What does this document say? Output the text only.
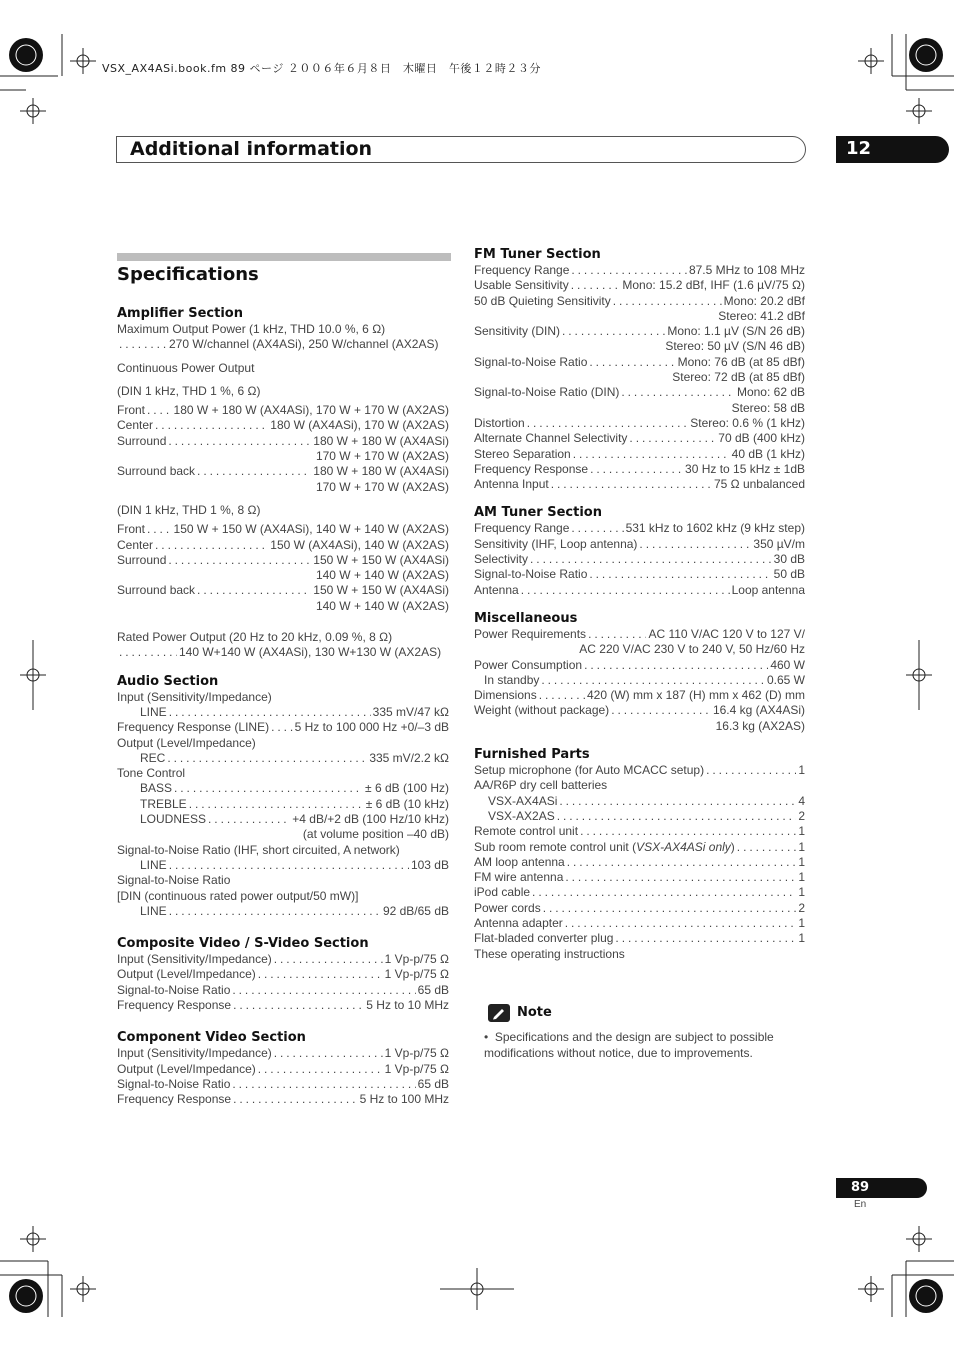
VSX_AX4ASi.book.fm 89 ページ ２００６年６月８日　木曜日　午後１２時２３分
Additional information	12
Specifications
Amplifier Section
Maximum Output Power (1 kHz, THD 10.0 %, 6 Ω)
. . .
270 W/channel (AX4ASi), 250 W/channel (AX2AS)
Continuous Power Output
(DIN 1 kHz, THD 1 %, 6 Ω)
Front . . . 180 W + 180 W (AX4ASi), 170 W + 170 W (AX2AS)
Center . . .	180 W (AX4ASi), 170 W (AX2AS)
Surround . . .	180 W + 180 W (AX4ASi)
170 W + 170 W (AX2AS)
Surround back . . .	180 W + 180 W (AX4ASi)
170 W + 170 W (AX2AS)
(DIN 1 kHz, THD 1 %, 8 Ω)
Front . . . 150 W + 150 W (AX4ASi), 140 W + 140 W (AX2AS)
Center . . .	150 W (AX4ASi), 140 W (AX2AS)
Surround . . .	150 W + 150 W (AX4ASi)
140 W + 140 W (AX2AS)
Surround back . . .	150 W + 150 W (AX4ASi)
140 W + 140 W (AX2AS)
Rated Power Output (20 Hz to 20 kHz, 0.09 %, 8 Ω)
. . .
140 W+140 W (AX4ASi), 130 W+130 W (AX2AS)
Audio Section
Input (Sensitivity/Impedance)
LINE . . .	335 mV/47 kΩ
Frequency Response (LINE) . . . 5 Hz to 100 000 Hz +0/–3 dB
Output (Level/Impedance)
REC . . .	335 mV/2.2 kΩ
Tone Control
BASS . . .	± 6 dB (100 Hz)
TREBLE . . .	± 6 dB (10 kHz)
LOUDNESS . . .	+4 dB/+2 dB (100 Hz/10 kHz)
(at volume position –40 dB)
Signal-to-Noise Ratio (IHF, short circuited, A network)
LINE . . .	103 dB
Signal-to-Noise Ratio
[DIN (continuous rated power output/50 mW)]
LINE . . .	92 dB/65 dB
Composite Video / S-Video Section
Input (Sensitivity/Impedance) . . .	1 Vp-p/75 Ω
Output (Level/Impedance) . . .	1 Vp-p/75 Ω
Signal-to-Noise Ratio . . .	65 dB
Frequency Response . . .	5 Hz to 10 MHz
Component Video Section
Input (Sensitivity/Impedance) . . .	1 Vp-p/75 Ω
Output (Level/Impedance) . . .	1 Vp-p/75 Ω
Signal-to-Noise Ratio . . .	65 dB
Frequency Response . . .	5 Hz to 100 MHz
FM Tuner Section
Frequency Range . . .	87.5 MHz to 108 MHz
Usable Sensitivity . . .	Mono: 15.2 dBf, IHF (1.6 µV/75 Ω)
50 dB Quieting Sensitivity . . .	Mono: 20.2 dBf
Stereo: 41.2 dBf
Sensitivity (DIN) . . .	Mono: 1.1 µV (S/N 26 dB)
Stereo: 50 µV (S/N 46 dB)
Signal-to-Noise Ratio . . .	Mono: 76 dB (at 85 dBf)
Stereo: 72 dB (at 85 dBf)
Signal-to-Noise Ratio (DIN) . . .	Mono: 62 dB
Stereo: 58 dB
Distortion . . .	Stereo: 0.6 % (1 kHz)
Alternate Channel Selectivity . . .	70 dB (400 kHz)
Stereo Separation . . .	40 dB (1 kHz)
Frequency Response . . .	30 Hz to 15 kHz ± 1dB
Antenna Input . . .	75 Ω unbalanced
AM Tuner Section
Frequency Range . . .	531 kHz to 1602 kHz (9 kHz step)
Sensitivity (IHF, Loop antenna) . . .	350 µV/m
Selectivity . . .	30 dB
Signal-to-Noise Ratio . . .	50 dB
Antenna . . .	Loop antenna
Miscellaneous
Power Requirements . . .	AC 110 V/AC 120 V to 127 V/
AC 220 V/AC 230 V to 240 V, 50 Hz/60 Hz
Power Consumption . . .	460 W
In standby . . .	0.65 W
Dimensions . . .	420 (W) mm x 187 (H) mm x 462 (D) mm
Weight (without package) . . .	16.4 kg (AX4ASi)
16.3 kg (AX2AS)
Furnished Parts
Setup microphone (for Auto MCACC setup) . . .	1
AA/R6P dry cell batteries
VSX-AX4ASi . . .	4
VSX-AX2AS . . .	2
Remote control unit . . .	1
Sub room remote control unit (VSX-AX4ASi only) . . .	1
AM loop antenna . . .	1
FM wire antenna . . .	1
iPod cable . . .	1
Power cords . . .	2
Antenna adapter . . .	1
Flat-bladed converter plug . . .	1
These operating instructions
Note
•  Specifications and the design are subject to possible modifications without notice, due to improvements.
89
En
